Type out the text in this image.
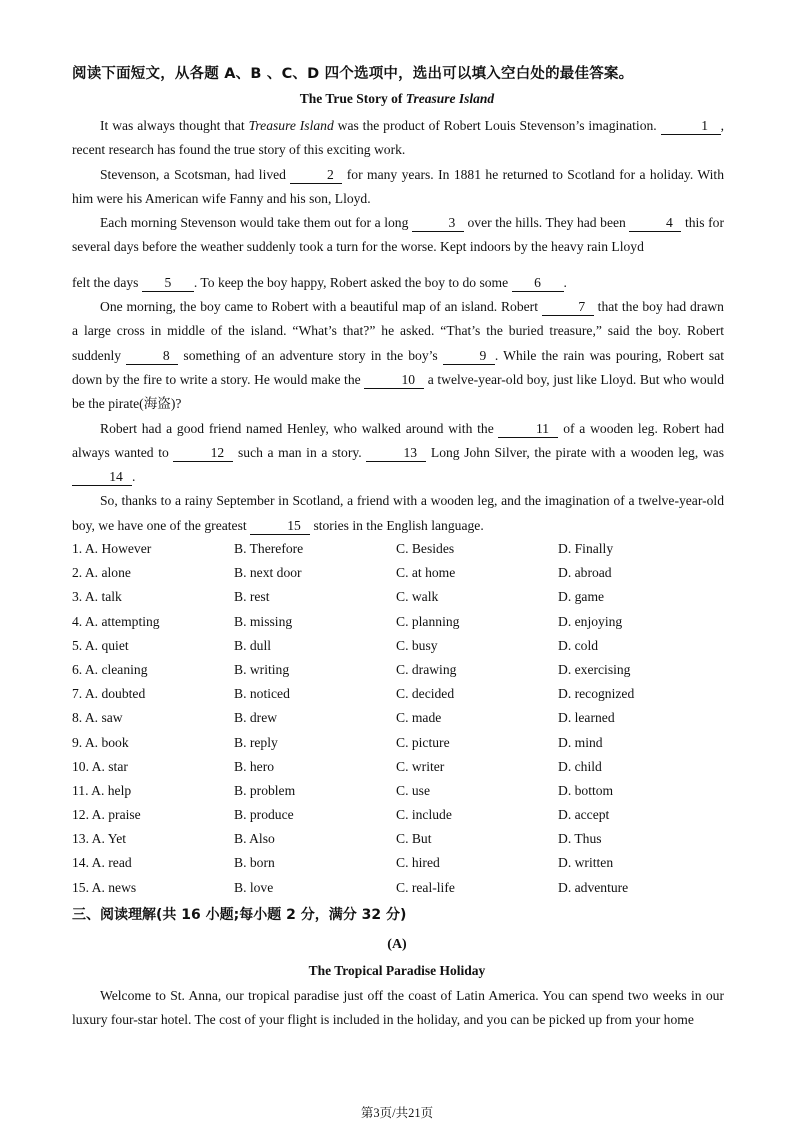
阅读下面短文，从各题 A、B 、C、D 四个选项中，选出可以填入空白处的最佳答案。
The True Story of Treasure Island

It was always thought that Treasure Island was the product of Robert Louis Stevenson’s imagination.	1 , recent research has found the true story of this exciting work.

Stevenson, a Scotsman, had lived	2 for many years. In 1881 he returned to Scotland for a holiday. With him were his American wife Fanny and his son, Lloyd.

Each morning Stevenson would take them out for a long	3 over the hills. They had been	4 this for several days before the weather suddenly took a turn for the worse. Kept indoors by the heavy rain Lloyd

felt the days 5 . To keep the boy happy, Robert asked the boy to do some 6 .

One morning, the boy came to Robert with a beautiful map of an island. Robert	7 that the boy had drawn a large cross in middle of the island. “What’s that?” he asked. “That’s the buried treasure,” said the boy. Robert suddenly	8 something of an adventure story in the boy’s	9 . While the rain was pouring, Robert sat down by the fire to write a story. He would make the	10 a twelve-year-old boy, just like Lloyd. But who would be the pirate(海盗)?

Robert had a good friend named Henley, who walked around with the	11 of a wooden leg. Robert had always wanted to	12 such a man in a story.	13 Long John Silver, the pirate with a wooden leg, was 14 .

So, thanks to a rainy September in Scotland, a friend with a wooden leg, and the imagination of a twelve-year-old boy, we have one of the greatest	15 stories in the English language.

1. A. However	B. Therefore	C. Besides	D. Finally
2. A. alone	B. next door	C. at home	D. abroad
3. A. talk	B. rest	C. walk	D. game
4. A. attempting	B. missing	C. planning	D. enjoying
5. A. quiet	B. dull	C. busy	D. cold
6. A. cleaning	B. writing	C. drawing	D. exercising
7. A. doubted	B. noticed	C. decided	D. recognized
8. A. saw	B. drew	C. made	D. learned
9. A. book	B. reply	C. picture	D. mind
10. A. star	B. hero	C. writer	D. child
11. A. help	B. problem	C. use	D. bottom
12. A. praise	B. produce	C. include	D. accept
13. A. Yet	B. Also	C. But	D. Thus
14. A. read	B. born	C. hired	D. written
15. A. news	B. love	C. real-life	D. adventure
三、阅读理解(共 16 小题;每小题 2 分，满分 32 分)
(A)
The Tropical Paradise Holiday

Welcome to St. Anna, our tropical paradise just off the coast of Latin America. You can spend two weeks in our luxury four-star hotel. The cost of your flight is included in the holiday, and you can be picked up from your home

第3页/共21页
